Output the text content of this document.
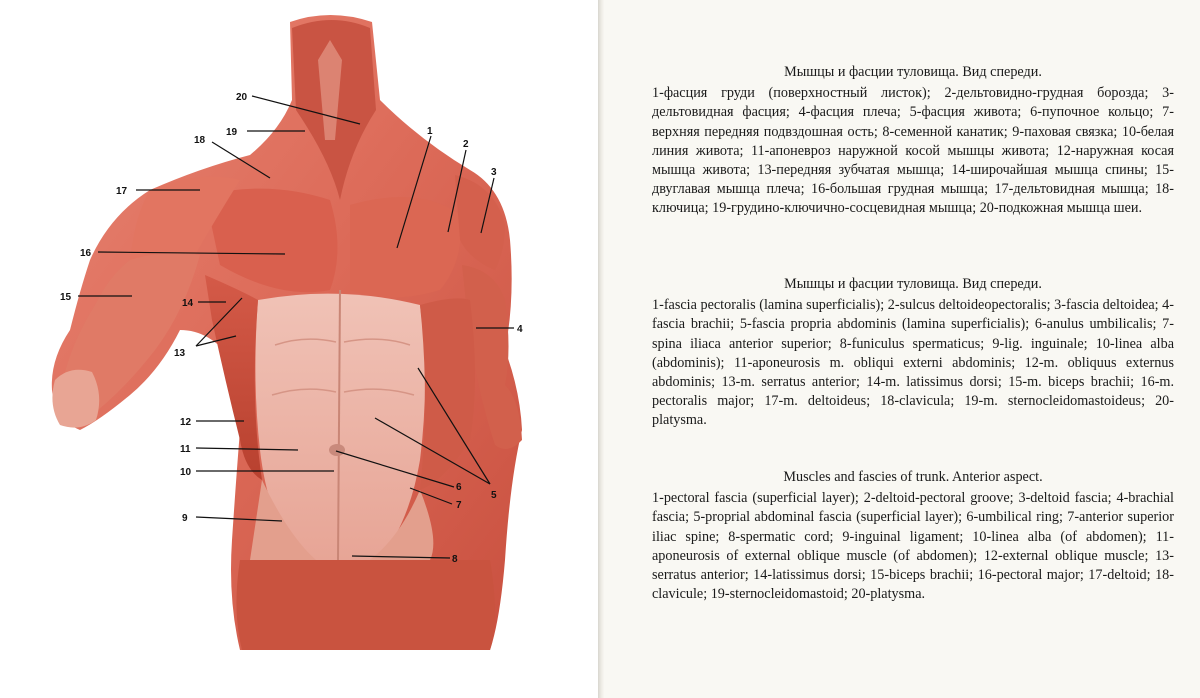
20
18
19
17
16
15
14
13
12
11
10
9
1
2
3
4
5
6
7
8

Мышцы и фасции туловища. Вид спереди.

1-фасция груди (поверхностный листок); 2-дельтовидно-грудная борозда; 3-дельтовидная фасция; 4-фасция плеча; 5-фасция живота; 6-пупочное кольцо; 7-верхняя передняя подвздошная ость; 8-семенной канатик; 9-паховая связка; 10-белая линия живота; 11-апоневроз наружной косой мышцы живота; 12-наружная косая мышца живота; 13-передняя зубчатая мышца; 14-широчайшая мышца спины; 15-двуглавая мышца плеча; 16-большая грудная мышца; 17-дельтовидная мышца; 18-ключица; 19-грудино-ключично-сосцевидная мышца; 20-подкожная мышца шеи.

Мышцы и фасции туловища. Вид спереди.

1-fascia pectoralis (lamina superficialis); 2-sulcus deltoideopectoralis; 3-fascia deltoidea; 4-fascia brachii; 5-fascia propria abdominis (lamina superficialis); 6-anulus umbilicalis; 7-spina iliaca anterior superior; 8-funiculus spermaticus; 9-lig. inguinale; 10-linea alba (abdominis); 11-aponeurosis m. obliqui externi abdominis; 12-m. obliquus externus abdominis; 13-m. serratus anterior; 14-m. latissimus dorsi; 15-m. biceps brachii; 16-m. pectoralis major; 17-m. deltoideus; 18-clavicula; 19-m. sternocleidomastoideus; 20-platysma.

Muscles and fascies of trunk. Anterior aspect.

1-pectoral fascia (superficial layer); 2-deltoid-pectoral groove; 3-deltoid fascia; 4-brachial fascia; 5-proprial abdominal fascia (superficial layer); 6-umbilical ring; 7-anterior superior iliac spine; 8-spermatic cord; 9-inguinal ligament; 10-linea alba (of abdomen); 11-aponeurosis of external oblique muscle (of abdomen); 12-external oblique muscle; 13-serratus anterior; 14-latissimus dorsi; 15-biceps brachii; 16-pectoral major; 17-deltoid; 18-clavicule; 19-sternocleidomastoid; 20-platysma.
